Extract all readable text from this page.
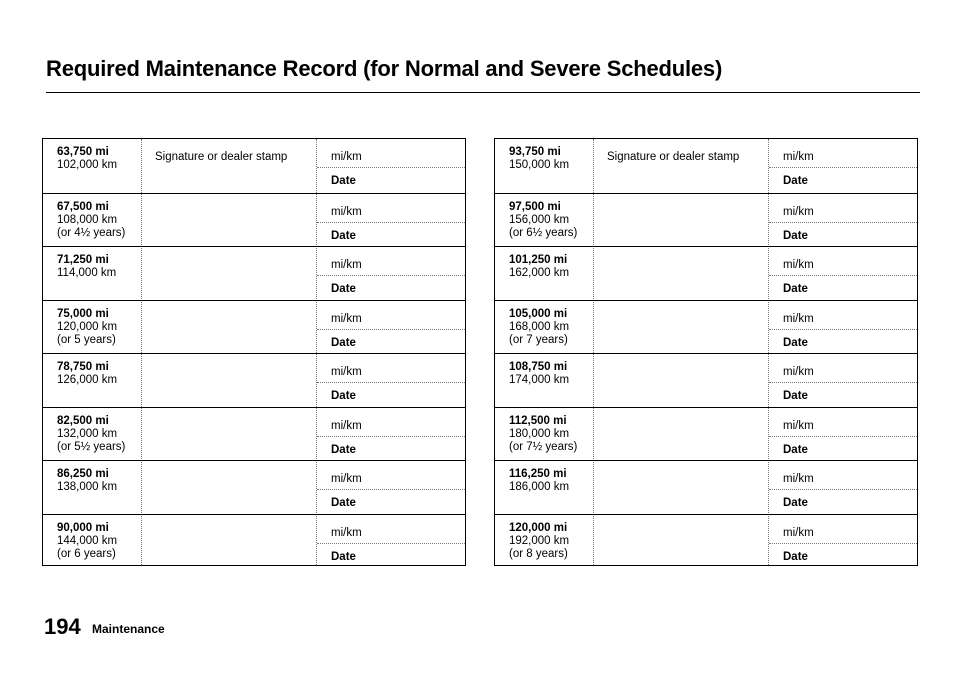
Required Maintenance Record (for Normal and Severe Schedules)
63,750 mi
102,000 km
Signature or dealer stamp	mi/km
Date
67,500 mi
108,000 km
(or 4½ years)
mi/km
Date
71,250 mi
114,000 km
mi/km
Date
75,000 mi
120,000 km
(or 5 years)
mi/km
Date
78,750 mi
126,000 km
mi/km
Date
82,500 mi
132,000 km
(or 5½ years)
mi/km
Date
86,250 mi
138,000 km
mi/km
Date
90,000 mi
144,000 km
(or 6 years)
mi/km
Date
93,750 mi
150,000 km
Signature or dealer stamp	mi/km
Date
97,500 mi
156,000 km
(or 6½ years)
mi/km
Date
101,250 mi
162,000 km
mi/km
Date
105,000 mi
168,000 km
(or 7 years)
mi/km
Date
108,750 mi
174,000 km
mi/km
Date
112,500 mi
180,000 km
(or 7½ years)
mi/km
Date
116,250 mi
186,000 km
mi/km
Date
120,000 mi
192,000 km
(or 8 years)
mi/km
Date
194 Maintenance
